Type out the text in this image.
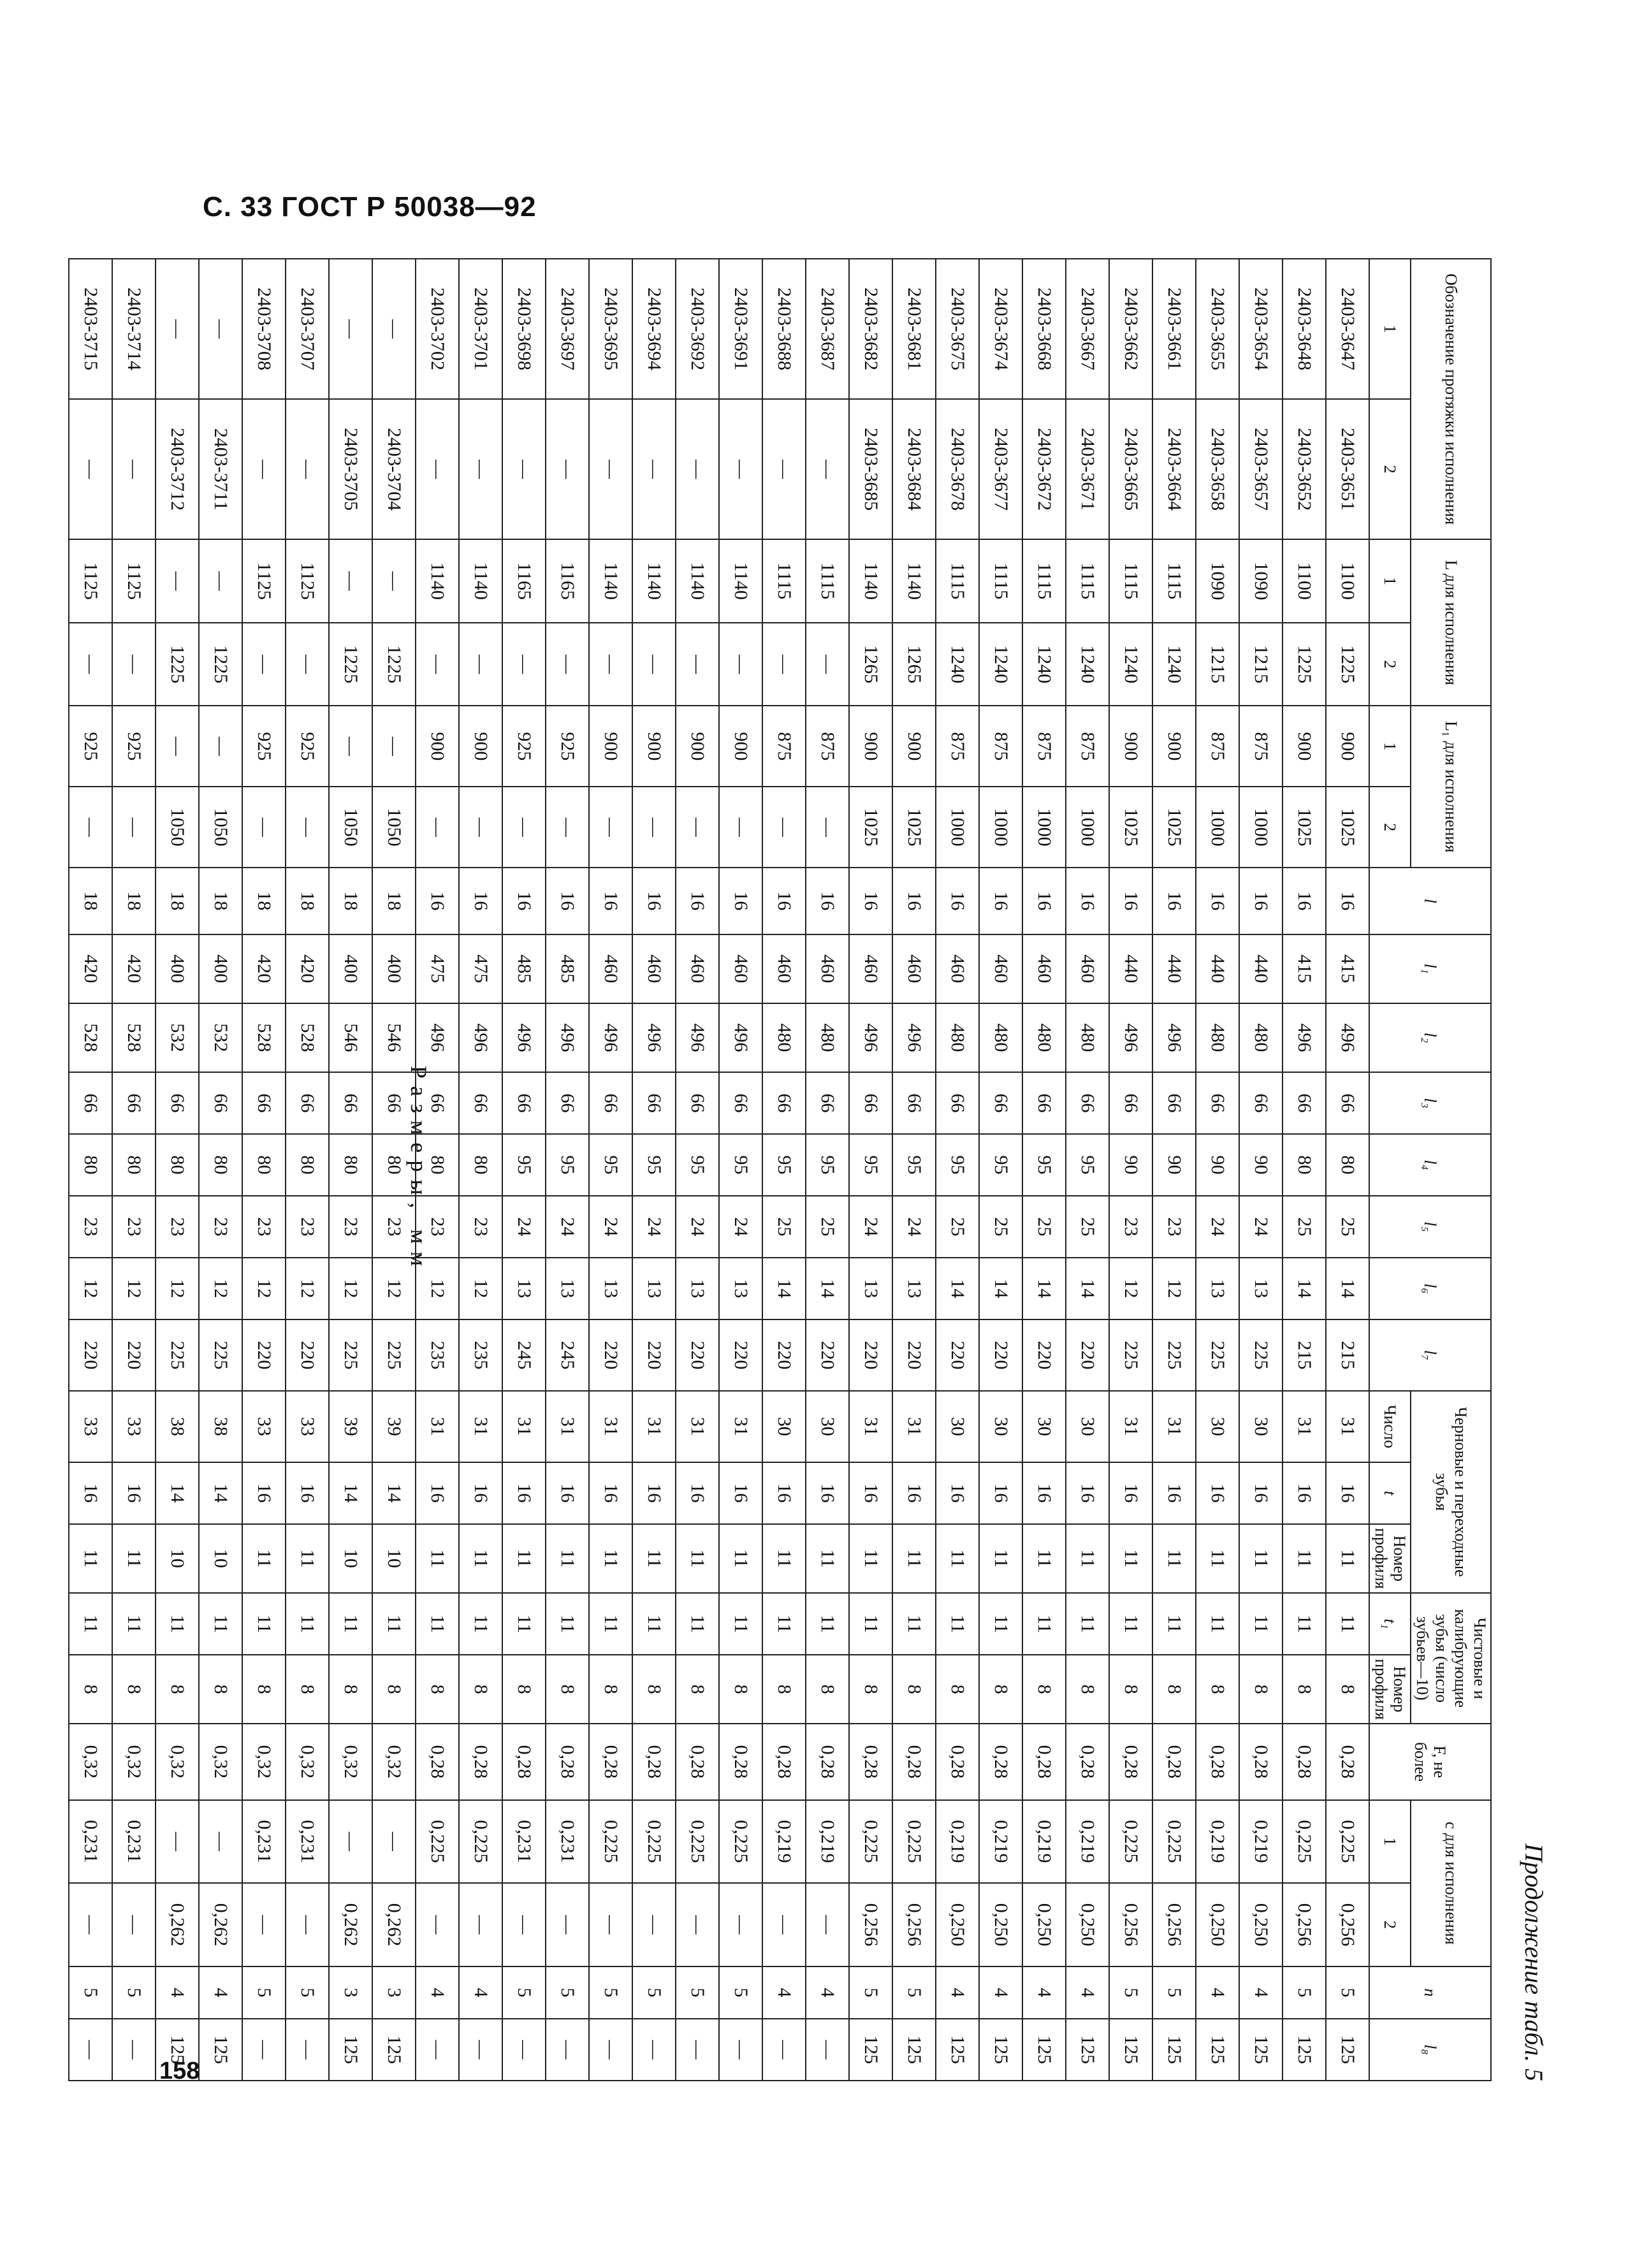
С. 33 ГОСТ Р 50038—92
158	Продолжение табл. 5
Размеры, мм
Обозначение протяжки исполнения		L для исполнения		L₁ для исполнения		l	l₁	l₂	l₃	l₄	l₅	l₆	l₇	Черновые и переходные зубья			Чистовые и калибрующие зубья (число зубьев—10)		F, не более	с для исполнения		n	l₈
1	2	1	2	1	2									Число	t	Номер профиля	t₁	Номер профиля		1	2		
2403-3647	2403-3651	1100	1225	900	1025	16	415	496	66	80	25	14	215	31	16	11	11	8	0,28	0,225	0,256	5	125
2403-3648	2403-3652	1100	1225	900	1025	16	415	496	66	80	25	14	215	31	16	11	11	8	0,28	0,225	0,256	5	125
2403-3654	2403-3657	1090	1215	875	1000	16	440	480	66	90	24	13	225	30	16	11	11	8	0,28	0,219	0,250	4	125
2403-3655	2403-3658	1090	1215	875	1000	16	440	480	66	90	24	13	225	30	16	11	11	8	0,28	0,219	0,250	4	125
2403-3661	2403-3664	1115	1240	900	1025	16	440	496	66	90	23	12	225	31	16	11	11	8	0,28	0,225	0,256	5	125
2403-3662	2403-3665	1115	1240	900	1025	16	440	496	66	90	23	12	225	31	16	11	11	8	0,28	0,225	0,256	5	125
2403-3667	2403-3671	1115	1240	875	1000	16	460	480	66	95	25	14	220	30	16	11	11	8	0,28	0,219	0,250	4	125
2403-3668	2403-3672	1115	1240	875	1000	16	460	480	66	95	25	14	220	30	16	11	11	8	0,28	0,219	0,250	4	125
2403-3674	2403-3677	1115	1240	875	1000	16	460	480	66	95	25	14	220	30	16	11	11	8	0,28	0,219	0,250	4	125
2403-3675	2403-3678	1115	1240	875	1000	16	460	480	66	95	25	14	220	30	16	11	11	8	0,28	0,219	0,250	4	125
2403-3681	2403-3684	1140	1265	900	1025	16	460	496	66	95	24	13	220	31	16	11	11	8	0,28	0,225	0,256	5	125
2403-3682	2403-3685	1140	1265	900	1025	16	460	496	66	95	24	13	220	31	16	11	11	8	0,28	0,225	0,256	5	125
2403-3687	—	1115	—	875	—	16	460	480	66	95	25	14	220	30	16	11	11	8	0,28	0,219	—	4	—
2403-3688	—	1115	—	875	—	16	460	480	66	95	25	14	220	30	16	11	11	8	0,28	0,219	—	4	—
2403-3691	—	1140	—	900	—	16	460	496	66	95	24	13	220	31	16	11	11	8	0,28	0,225	—	5	—
2403-3692	—	1140	—	900	—	16	460	496	66	95	24	13	220	31	16	11	11	8	0,28	0,225	—	5	—
2403-3694	—	1140	—	900	—	16	460	496	66	95	24	13	220	31	16	11	11	8	0,28	0,225	—	5	—
2403-3695	—	1140	—	900	—	16	460	496	66	95	24	13	220	31	16	11	11	8	0,28	0,225	—	5	—
2403-3697	—	1165	—	925	—	16	485	496	66	95	24	13	245	31	16	11	11	8	0,28	0,231	—	5	—
2403-3698	—	1165	—	925	—	16	485	496	66	95	24	13	245	31	16	11	11	8	0,28	0,231	—	5	—
2403-3701	—	1140	—	900	—	16	475	496	66	80	23	12	235	31	16	11	11	8	0,28	0,225	—	4	—
2403-3702	—	1140	—	900	—	16	475	496	66	80	23	12	235	31	16	11	11	8	0,28	0,225	—	4	—
—	2403-3704	—	1225	—	1050	18	400	546	66	80	23	12	225	39	14	10	11	8	0,32	—	0,262	3	125
—	2403-3705	—	1225	—	1050	18	400	546	66	80	23	12	225	39	14	10	11	8	0,32	—	0,262	3	125
2403-3707	—	1125	—	925	—	18	420	528	66	80	23	12	220	33	16	11	11	8	0,32	0,231	—	5	—
2403-3708	—	1125	—	925	—	18	420	528	66	80	23	12	220	33	16	11	11	8	0,32	0,231	—	5	—
—	2403-3711	—	1225	—	1050	18	400	532	66	80	23	12	225	38	14	10	11	8	0,32	—	0,262	4	125
—	2403-3712	—	1225	—	1050	18	400	532	66	80	23	12	225	38	14	10	11	8	0,32	—	0,262	4	125
2403-3714	—	1125	—	925	—	18	420	528	66	80	23	12	220	33	16	11	11	8	0,32	0,231	—	5	—
2403-3715	—	1125	—	925	—	18	420	528	66	80	23	12	220	33	16	11	11	8	0,32	0,231	—	5	—
